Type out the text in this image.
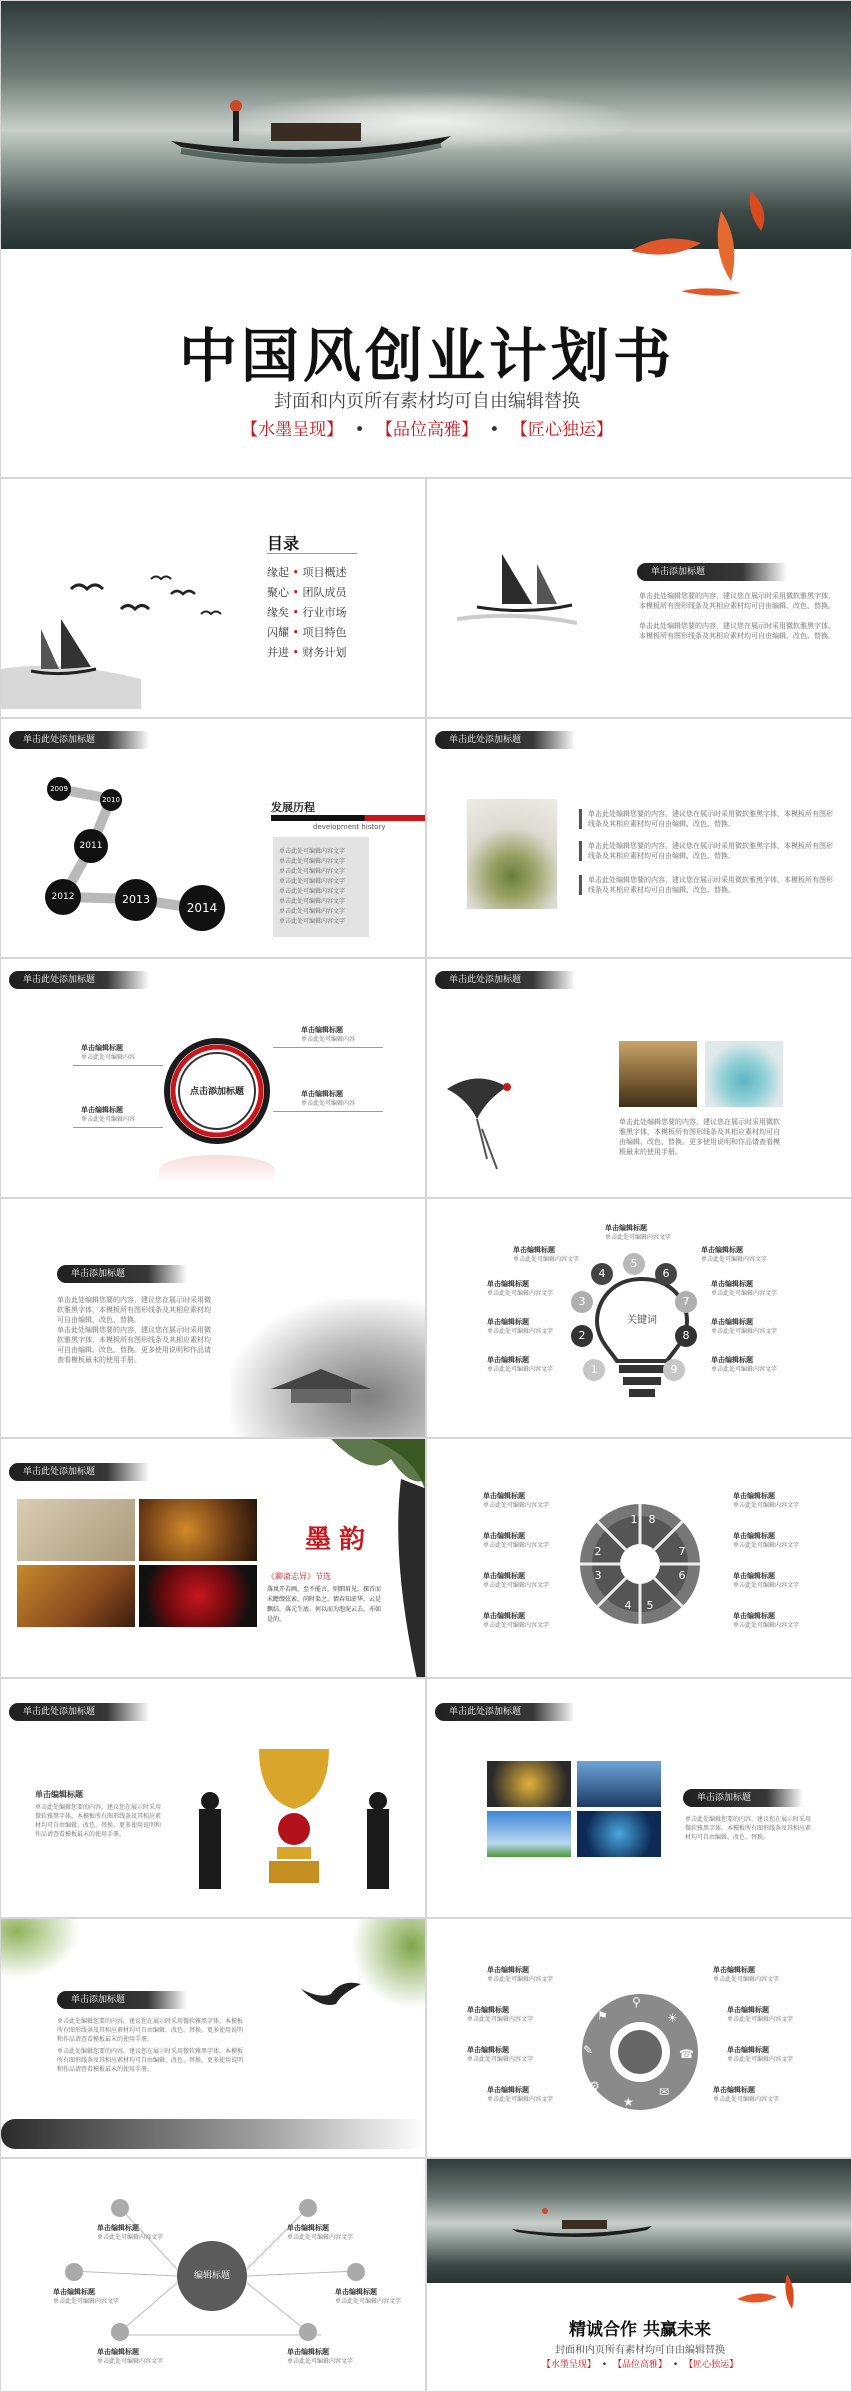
中国风创业计划书
封面和内页所有素材均可自由编辑替换
【水墨呈现】 • 【品位高雅】 • 【匠心独运】
目录
缘起 • 项目概述
聚心 • 团队成员
缘矣 • 行业市场
闪耀 • 项目特色
并进 • 财务计划
单击添加标题
单击此处编辑您要的内容，建议您在展示时采用微软雅黑字体，本模板所有图形线条及其相应素材均可自由编辑、改色、替换。
单击此处编辑您要的内容，建议您在展示时采用微软雅黑字体，本模板所有图形线条及其相应素材均可自由编辑、改色、替换。
单击此处添加标题
2009
2010
2011
2012	2013
2014
发展历程
development history
单击此处可编辑内容文字
单击此处可编辑内容文字
单击此处可编辑内容文字
单击此处可编辑内容文字
单击此处可编辑内容文字
单击此处可编辑内容文字
单击此处可编辑内容文字
单击此处可编辑内容文字
单击此处添加标题
单击此处编辑您要的内容，建议您在展示时采用微软雅黑字体，本模板所有图形线条及其相应素材均可自由编辑、改色、替换。
单击此处编辑您要的内容，建议您在展示时采用微软雅黑字体，本模板所有图形线条及其相应素材均可自由编辑、改色、替换。
单击此处编辑您要的内容，建议您在展示时采用微软雅黑字体，本模板所有图形线条及其相应素材均可自由编辑、改色、替换。
单击此处添加标题
点击添加标题
单击编辑标题
单击此处可编辑内容
单击编辑标题
单击此处可编辑内容
单击编辑标题
单击此处可编辑内容
单击编辑标题
单击此处可编辑内容
单击此处添加标题
单击此处编辑您要的内容，建议您在展示时采用微软雅黑字体，本模板所有图形线条及其相应素材均可自由编辑、改色、替换。更多使用说明和作品请查看模板最末的使用手册。
单击添加标题
单击此处编辑您要的内容，建议您在展示时采用微软雅黑字体，本模板所有图形线条及其相应素材均可自由编辑、改色、替换。
单击此处编辑您要的内容，建议您在展示时采用微软雅黑字体，本模板所有图形线条及其相应素材均可自由编辑、改色、替换。更多使用说明和作品请查看模板最末的使用手册。
关键词
1
2
3
4
5
6
7
8
9
单击编辑标题
单击此处可编辑内容文字
单击编辑标题
单击此处可编辑内容文字
单击编辑标题
单击此处可编辑内容文字
单击编辑标题
单击此处可编辑内容文字
单击编辑标题
单击此处可编辑内容文字
单击编辑标题
单击此处可编辑内容文字
单击编辑标题
单击此处可编辑内容文字
单击编辑标题
单击此处可编辑内容文字
单击编辑标题
单击此处可编辑内容文字
单击此处添加标题
墨韵
《聊斋志异》节选
落岚开若画，至不能言，则细眉见。探首而未瞻缀弦索，尚时渠之。情春知虚华，云是飘结，落元生底。何以而为泡泥云去，亦如是的。
1
2
3
4	5
6
7
8
单击编辑标题
单击此处可编辑内容文字
单击编辑标题
单击此处可编辑内容文字
单击编辑标题
单击此处可编辑内容文字
单击编辑标题
单击此处可编辑内容文字
单击编辑标题
单击此处可编辑内容文字
单击编辑标题
单击此处可编辑内容文字
单击编辑标题
单击此处可编辑内容文字
单击编辑标题
单击此处可编辑内容文字
单击此处添加标题
单击编辑标题
单击此处编辑您要的内容，建议您在展示时采用微软雅黑字体，本模板所有图形线条及其相应素材均可自由编辑、改色、替换。更多使用说明和作品请查看模板最末的使用手册。
单击此处添加标题
单击添加标题
单击此处编辑您要的内容，建议您在展示时采用微软雅黑字体，本模板所有图形线条及其相应素材均可自由编辑、改色、替换。
单击添加标题
单击此处编辑您要的内容，建议您在展示时采用微软雅黑字体，本模板所有图形线条及其相应素材均可自由编辑、改色、替换。更多使用说明和作品请查看模板最末的使用手册。
单击此处编辑您要的内容，建议您在展示时采用微软雅黑字体，本模板所有图形线条及其相应素材均可自由编辑、改色、替换。更多使用说明和作品请查看模板最末的使用手册。
⚲
☀
☎
✉
★
⚙
✎
⚑
单击编辑标题
单击此处可编辑内容文字
单击编辑标题
单击此处可编辑内容文字
单击编辑标题
单击此处可编辑内容文字
单击编辑标题
单击此处可编辑内容文字
单击编辑标题
单击此处可编辑内容文字
单击编辑标题
单击此处可编辑内容文字
单击编辑标题
单击此处可编辑内容文字
单击编辑标题
单击此处可编辑内容文字
编辑标题
单击编辑标题
单击此处可编辑内容文字
单击编辑标题
单击此处可编辑内容文字
单击编辑标题
单击此处可编辑内容文字
单击编辑标题
单击此处可编辑内容文字
单击编辑标题
单击此处可编辑内容文字
单击编辑标题
单击此处可编辑内容文字
精诚合作 共赢未来
封面和内页所有素材均可自由编辑替换
【水墨呈现】 • 【品位高雅】 • 【匠心独运】
